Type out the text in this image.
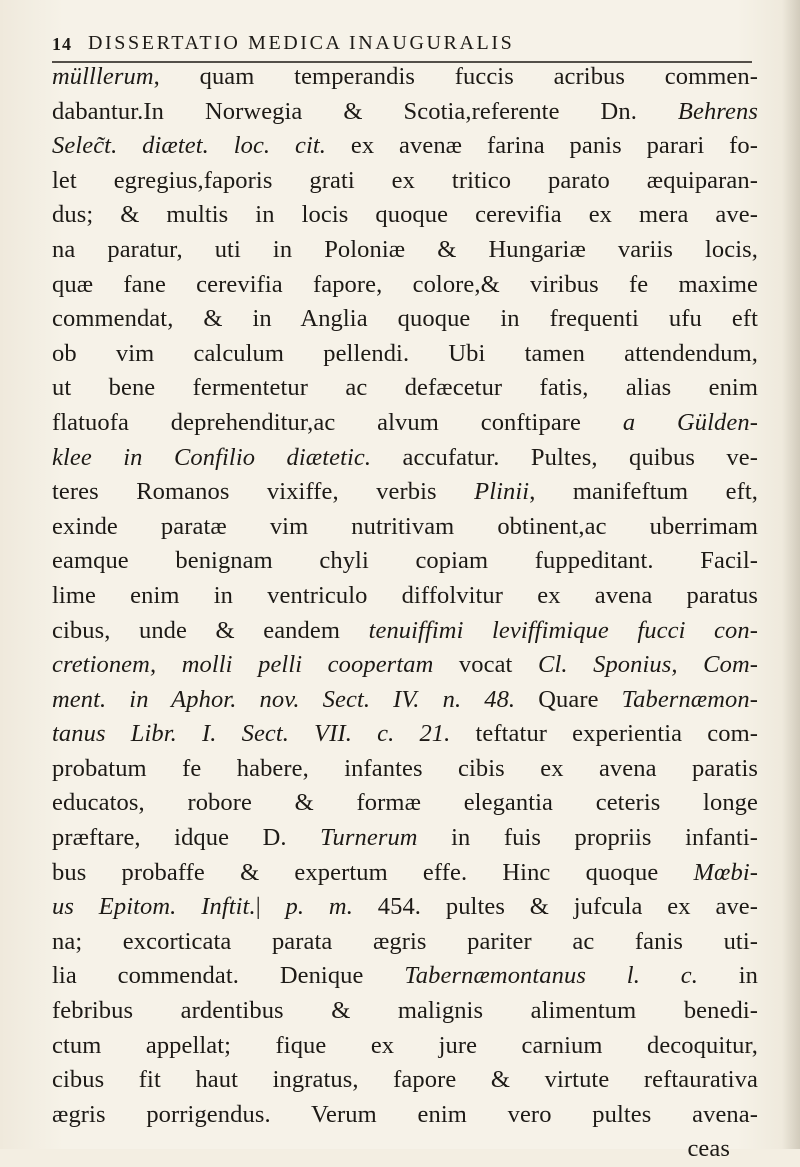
14 DISSERTATIO MEDICA INAUGURALIS
mülllerum, quam temperandis fuccis acribus commen-
dabantur.In Norwegia & Scotia,referente Dn. Behrens
Selec̃t. diætet. loc. cit. ex avenæ farina panis parari fo-
let egregius,faporis grati ex tritico parato æquiparan-
dus; & multis in locis quoque cerevifia ex mera ave-
na paratur, uti in Poloniæ & Hungariæ variis locis,
quæ fane cerevifia fapore, colore,& viribus fe maxime
commendat, & in Anglia quoque in frequenti ufu eft
ob vim calculum pellendi. Ubi tamen attendendum,
ut bene fermentetur ac defæcetur fatis, alias enim
flatuofa deprehenditur,ac alvum conftipare a Gülden-
klee in Confilio diætetic. accufatur. Pultes, quibus ve-
teres Romanos vixiffe, verbis Plinii, manifeftum eft,
exinde paratæ vim nutritivam obtinent,ac uberrimam
eamque benignam chyli copiam fuppeditant. Facil-
lime enim in ventriculo diffolvitur ex avena paratus
cibus, unde & eandem tenuiffimi leviffimique fucci con-
cretionem, molli pelli coopertam vocat Cl. Sponius, Com-
ment. in Aphor. nov. Sect. IV. n. 48. Quare Tabernæmon-
tanus Libr. I. Sect. VII. c. 21. teftatur experientia com-
probatum fe habere, infantes cibis ex avena paratis
educatos, robore & formæ elegantia ceteris longe
præftare, idque D. Turnerum in fuis propriis infanti-
bus probaffe & expertum effe. Hinc quoque Mœbi-
us Epitom. Inftit.| p. m. 454. pultes & jufcula ex ave-
na; excorticata parata ægris pariter ac fanis uti-
lia commendat. Denique Tabernæmontanus l. c. in
febribus ardentibus & malignis alimentum benedi-
ctum appellat; fique ex jure carnium decoquitur,
cibus fit haut ingratus, fapore & virtute reftaurativa
ægris porrigendus. Verum enim vero pultes avena-
ceas
